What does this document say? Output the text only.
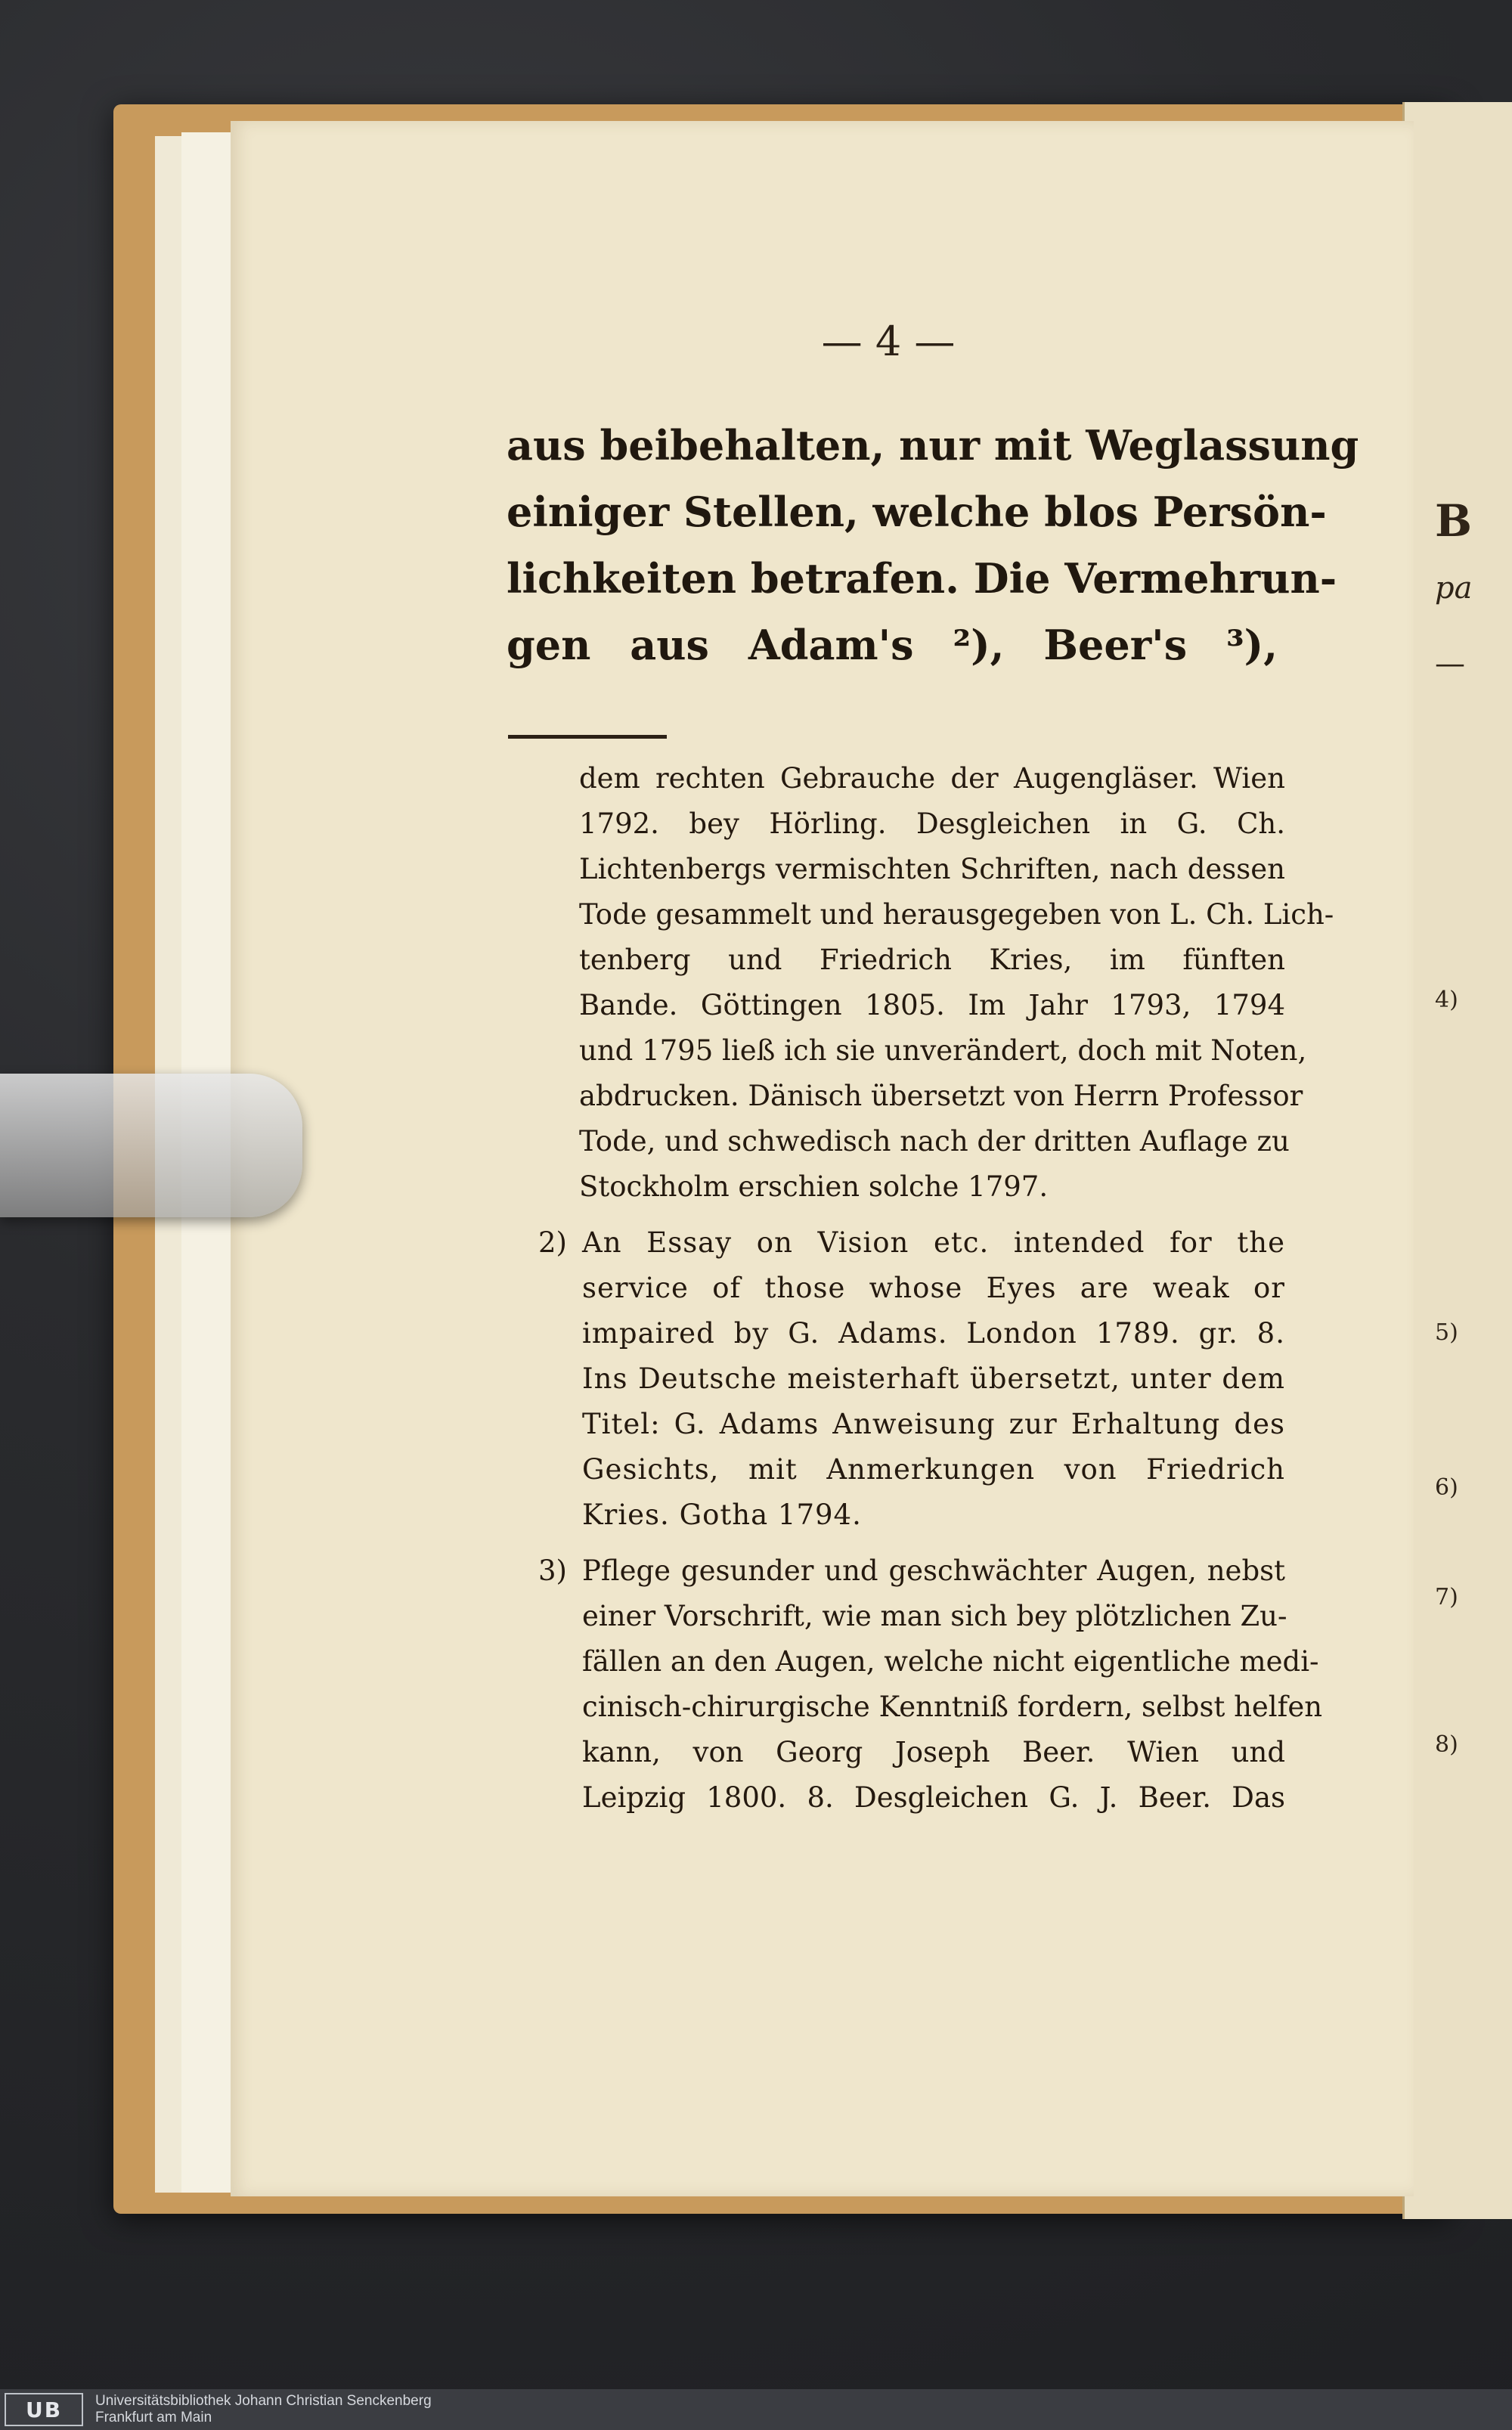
B
pa
—
4)
5)
6)
7)
8)
— 4 —
aus beibehalten, nur mit Weglassung
einiger Stellen, welche blos Persön-
lichkeiten betrafen. Die Vermehrun-
gen aus Adam's ²), Beer's ³),
dem rechten Gebrauche der Augengläser. Wien
1792. bey Hörling. Desgleichen in G. Ch.
Lichtenbergs vermischten Schriften, nach dessen
Tode gesammelt und herausgegeben von L. Ch. Lich-
tenberg und Friedrich Kries, im fünften
Bande. Göttingen 1805. Im Jahr 1793, 1794
und 1795 ließ ich sie unverändert, doch mit Noten,
abdrucken. Dänisch übersetzt von Herrn Professor
Tode, und schwedisch nach der dritten Auflage zu
Stockholm erschien solche 1797.
2) An Essay on Vision etc. intended for the
service of those whose Eyes are weak or
impaired by G. Adams. London 1789. gr. 8.
Ins Deutsche meisterhaft übersetzt, unter dem
Titel: G. Adams Anweisung zur Erhaltung des
Gesichts, mit Anmerkungen von Friedrich
Kries. Gotha 1794.
3) Pflege gesunder und geschwächter Augen, nebst
einer Vorschrift, wie man sich bey plötzlichen Zu-
fällen an den Augen, welche nicht eigentliche medi-
cinisch-chirurgische Kenntniß fordern, selbst helfen
kann, von Georg Joseph Beer. Wien und
Leipzig 1800. 8. Desgleichen G. J. Beer. Das
UB	Universitätsbibliothek Johann Christian Senckenberg
Frankfurt am Main
